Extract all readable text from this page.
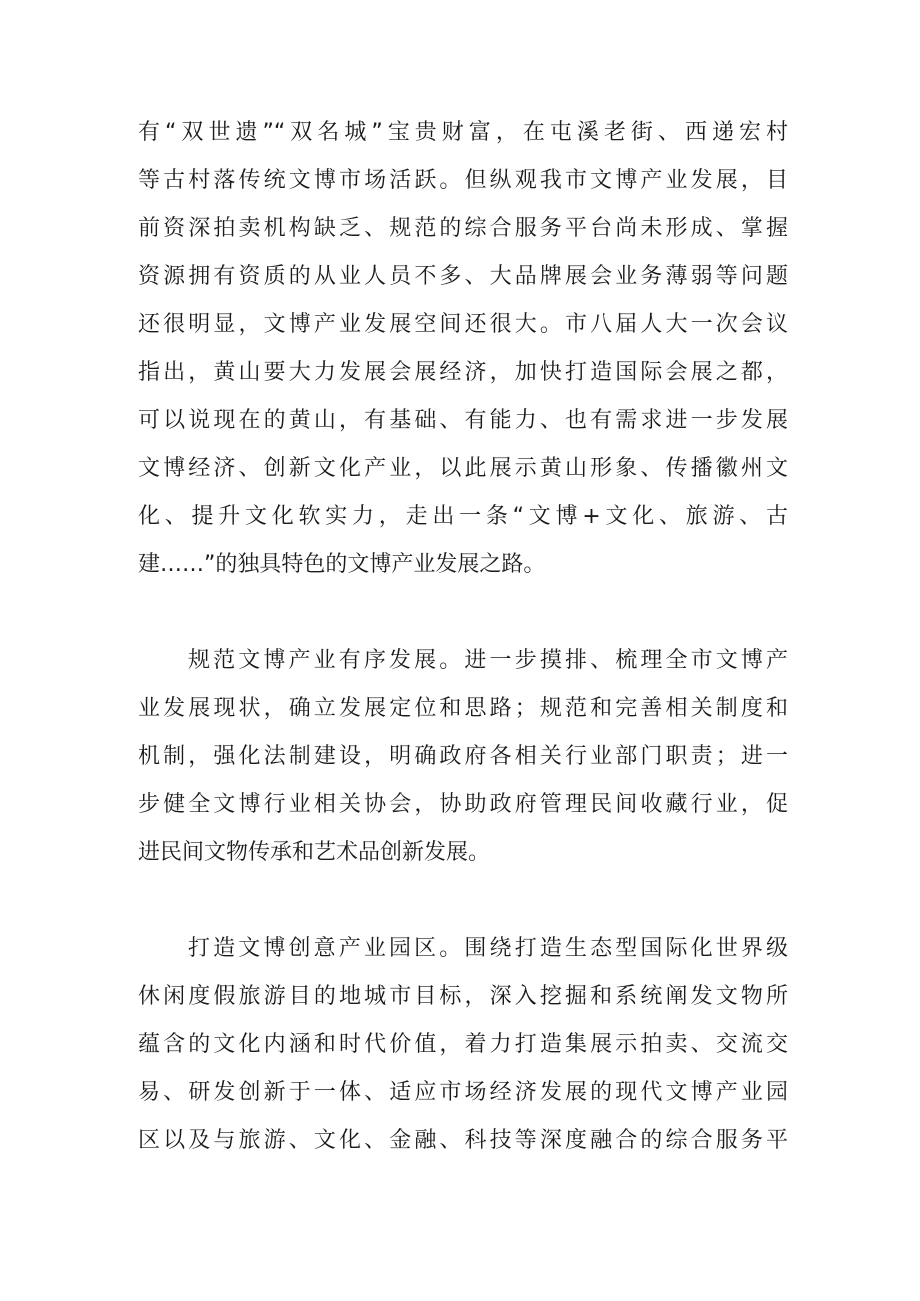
有“双世遗”“双名城”宝贵财富，在屯溪老街、西递宏村
等古村落传统文博市场活跃。但纵观我市文博产业发展，目
前资深拍卖机构缺乏、规范的综合服务平台尚未形成、掌握
资源拥有资质的从业人员不多、大品牌展会业务薄弱等问题
还很明显，文博产业发展空间还很大。市八届人大一次会议
指出，黄山要大力发展会展经济，加快打造国际会展之都，
可以说现在的黄山，有基础、有能力、也有需求进一步发展
文博经济、创新文化产业，以此展示黄山形象、传播徽州文
化、提升文化软实力，走出一条“文博+文化、旅游、古
建……”的独具特色的文博产业发展之路。
规范文博产业有序发展。进一步摸排、梳理全市文博产
业发展现状，确立发展定位和思路；规范和完善相关制度和
机制，强化法制建设，明确政府各相关行业部门职责；进一
步健全文博行业相关协会，协助政府管理民间收藏行业，促
进民间文物传承和艺术品创新发展。
打造文博创意产业园区。围绕打造生态型国际化世界级
休闲度假旅游目的地城市目标，深入挖掘和系统阐发文物所
蕴含的文化内涵和时代价值，着力打造集展示拍卖、交流交
易、研发创新于一体、适应市场经济发展的现代文博产业园
区以及与旅游、文化、金融、科技等深度融合的综合服务平
